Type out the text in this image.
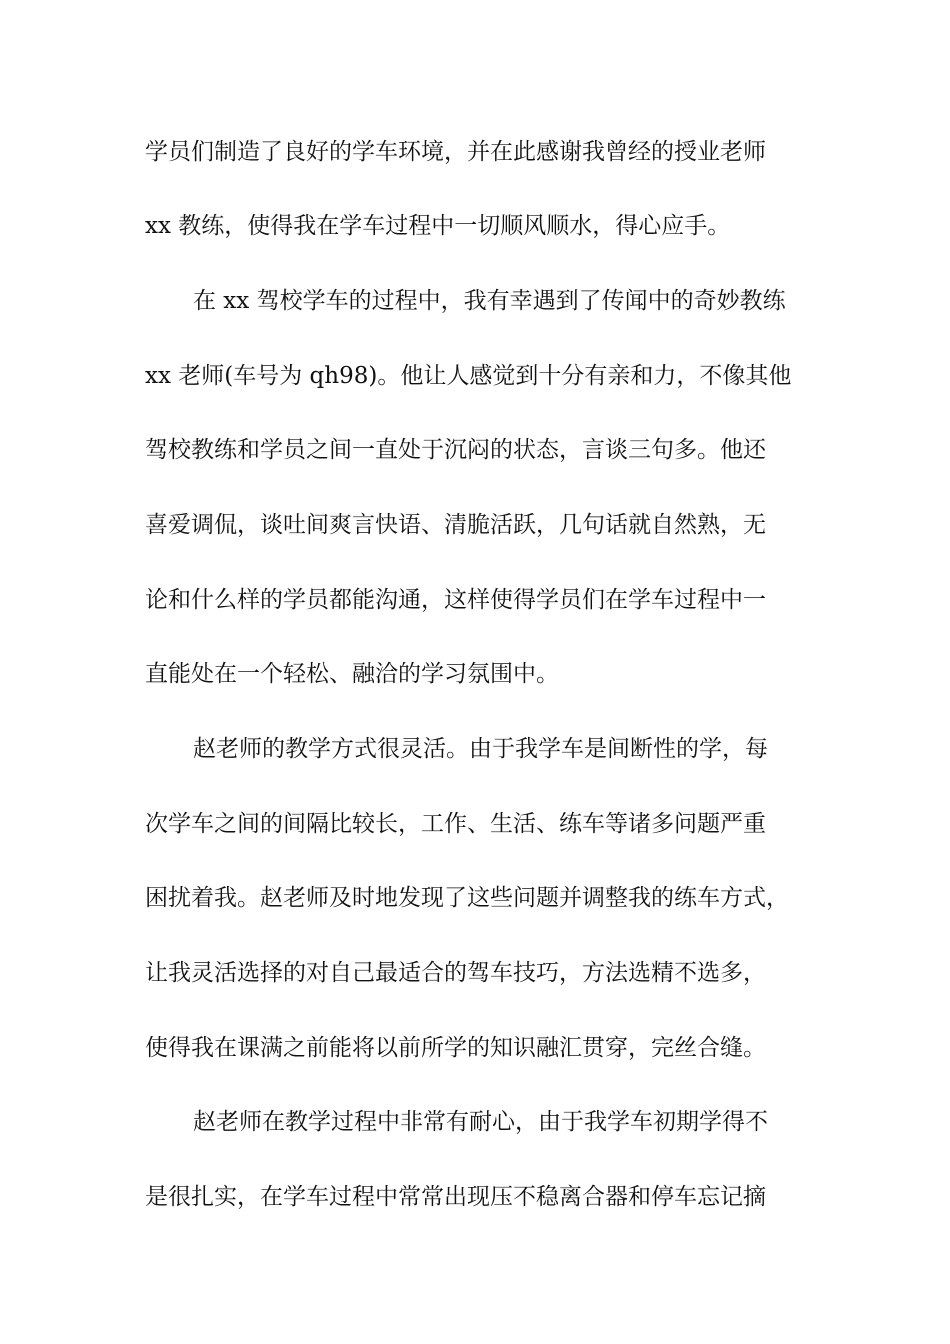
学员们制造了良好的学车环境，并在此感谢我曾经的授业老师
xx 教练，使得我在学车过程中一切顺风顺水，得心应手。
在 xx 驾校学车的过程中，我有幸遇到了传闻中的奇妙教练
xx 老师(车号为 qh98)。他让人感觉到十分有亲和力，不像其他
驾校教练和学员之间一直处于沉闷的状态，言谈三句多。他还
喜爱调侃，谈吐间爽言快语、清脆活跃，几句话就自然熟，无
论和什么样的学员都能沟通，这样使得学员们在学车过程中一
直能处在一个轻松、融洽的学习氛围中。
赵老师的教学方式很灵活。由于我学车是间断性的学，每
次学车之间的间隔比较长，工作、生活、练车等诸多问题严重
困扰着我。赵老师及时地发现了这些问题并调整我的练车方式，
让我灵活选择的对自己最适合的驾车技巧，方法选精不选多，
使得我在课满之前能将以前所学的知识融汇贯穿，完丝合缝。
赵老师在教学过程中非常有耐心，由于我学车初期学得不
是很扎实，在学车过程中常常出现压不稳离合器和停车忘记摘
